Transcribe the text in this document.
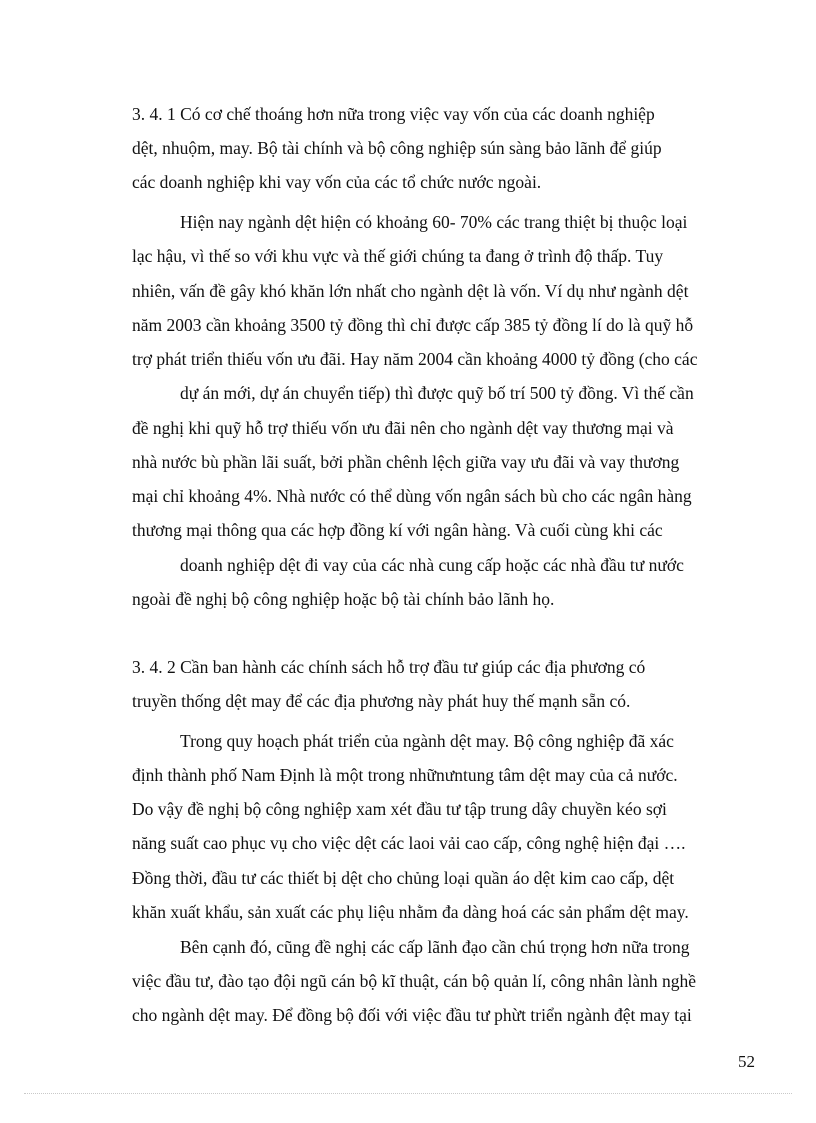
3. 4. 1 Có cơ chế thoáng hơn nữa trong việc vay vốn của các doanh nghiệp
dệt, nhuộm, may. Bộ tài chính và bộ công nghiệp sún sàng bảo lãnh để giúp
các doanh nghiệp khi vay vốn của các tổ chức nước ngoài.
Hiện nay ngành dệt hiện có khoảng 60- 70% các trang thiệt bị thuộc loại
lạc hậu, vì thế so với khu vực và thế giới chúng ta đang ở trình độ thấp. Tuy
nhiên, vấn đề gây khó khăn lớn nhất cho ngành dệt là vốn. Ví dụ như ngành dệt
năm 2003 cần khoảng 3500 tỷ đồng thì chỉ được cấp 385 tỷ đồng lí do là quỹ hỗ
trợ phát triển thiếu vốn ưu đãi. Hay năm 2004 cần khoảng 4000 tỷ đồng (cho các
dự án mới, dự án chuyển tiếp) thì được quỹ bố trí 500 tỷ đồng. Vì thế cần
đề nghị khi quỹ hỗ trợ thiếu vốn ưu đãi nên cho ngành dệt vay thương mại và
nhà nước bù phần lãi suất, bởi phần chênh lệch giữa vay ưu đãi và vay thương
mại chỉ khoảng 4%. Nhà nước có thể dùng vốn ngân sách bù cho các ngân hàng
thương mại thông qua các hợp đồng kí với ngân hàng. Và cuối cùng khi các
doanh nghiệp dệt đi vay của các nhà cung cấp hoặc các nhà đầu tư nước
ngoài đề nghị bộ công nghiệp hoặc bộ tài chính bảo lãnh họ.
3. 4. 2 Cần ban hành các chính sách hỗ trợ đầu tư giúp các địa phương có
truyền thống dệt may để các địa phương này phát huy thế mạnh sẵn có.
Trong quy hoạch phát triển của ngành dệt may. Bộ công nghiệp đã xác
định thành phố Nam Định là một trong nhữnưntung tâm dệt may của cả nước.
Do vậy đề nghị bộ công nghiệp xam xét đầu tư tập trung dây chuyền kéo sợi
năng suất cao phục vụ cho việc dệt các laoi vải cao cấp, công nghệ hiện đại ….
Đồng thời, đầu tư các thiết bị dệt cho chủng loại quần áo dệt kim cao cấp, dệt
khăn xuất khẩu, sản xuất các phụ liệu nhằm đa dàng hoá các sản phẩm dệt may.
Bên cạnh đó, cũng đề nghị các cấp lãnh đạo cần chú trọng hơn nữa trong
việc đầu tư, đào tạo đội ngũ cán bộ kĩ thuật, cán bộ quản lí, công nhân lành nghề
cho ngành dệt may. Để đồng bộ đối với việc đầu tư phừt triển ngành đệt may tại
52
